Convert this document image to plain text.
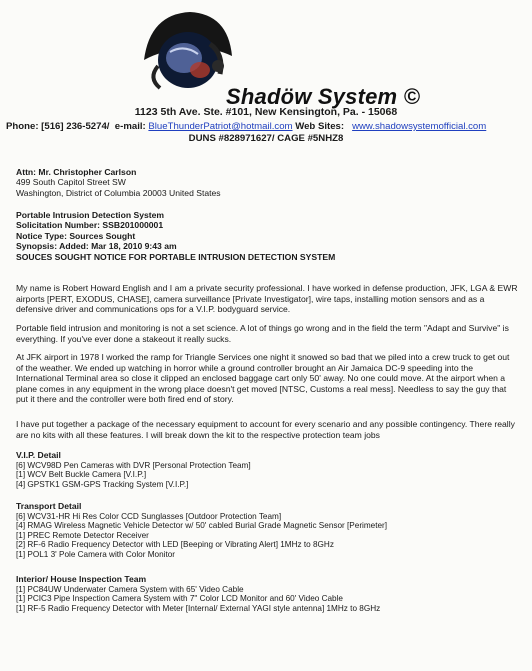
Shadöw System ©
1123 5th Ave. Ste. #101, New Kensington, Pa. - 15068
Phone: [516] 236-5274/ e-mail: BlueThunderPatriot@hotmail.com Web Sites: www.shadowsystemofficial.com
DUNS #828971627/ CAGE #5NHZ8
Attn: Mr. Christopher Carlson
499 South Capitol Street SW
Washington, District of Columbia 20003 United States
Portable Intrusion Detection System
Solicitation Number: SSB201000001
Notice Type: Sources Sought
Synopsis: Added: Mar 18, 2010 9:43 am
SOUCES SOUGHT NOTICE FOR PORTABLE INTRUSION DETECTION SYSTEM

My name is Robert Howard English and I am a private security professional. I have worked in defense production, JFK, LGA & EWR airports [PERT, EXODUS, CHASE], camera surveillance [Private Investigator], wire taps, installing motion sensors and as a defensive driver and communications ops for a V.I.P. bodyguard service.

Portable field intrusion and monitoring is not a set science. A lot of things go wrong and in the field the term "Adapt and Survive" is everything. If you've ever done a stakeout it really sucks.

At JFK airport in 1978 I worked the ramp for Triangle Services one night it snowed so bad that we piled into a crew truck to get out of the weather. We ended up watching in horror while a ground controller brought an Air Jamaica DC-9 speeding into the International Terminal area so close it clipped an enclosed baggage cart only 50' away. No one could move. At the airport when a plane comes in any equipment in the wrong place doesn't get moved [NTSC, Customs a real mess]. Needless to say the guy that put it there and the controller were both fired end of story.

I have put together a package of the necessary equipment to account for every scenario and any possible contingency. There really are no kits with all these features. I will break down the kit to the respective protection team jobs

V.I.P. Detail
[6] WCV98D Pen Cameras with DVR [Personal Protection Team]
[1] WCV Belt Buckle Camera [V.I.P.]
[4] GPSTK1 GSM-GPS Tracking System [V.I.P.]
Transport Detail
[6] WCV31-HR Hi Res Color CCD Sunglasses [Outdoor Protection Team]
[4] RMAG Wireless Magnetic Vehicle Detector w/ 50' cabled Burial Grade Magnetic Sensor [Perimeter]
[1] PREC Remote Detector Receiver
[2] RF-6 Radio Frequency Detector with LED [Beeping or Vibrating Alert] 1MHz to 8GHz
[1] POL1 3' Pole Camera with Color Monitor
Interior/ House Inspection Team
[1] PC84UW Underwater Camera System with 65' Video Cable
[1] PCIC3 Pipe Inspection Camera System with 7" Color LCD Monitor and 60' Video Cable
[1] RF-5 Radio Frequency Detector with Meter [Internal/ External YAGI style antenna] 1MHz to 8GHz
